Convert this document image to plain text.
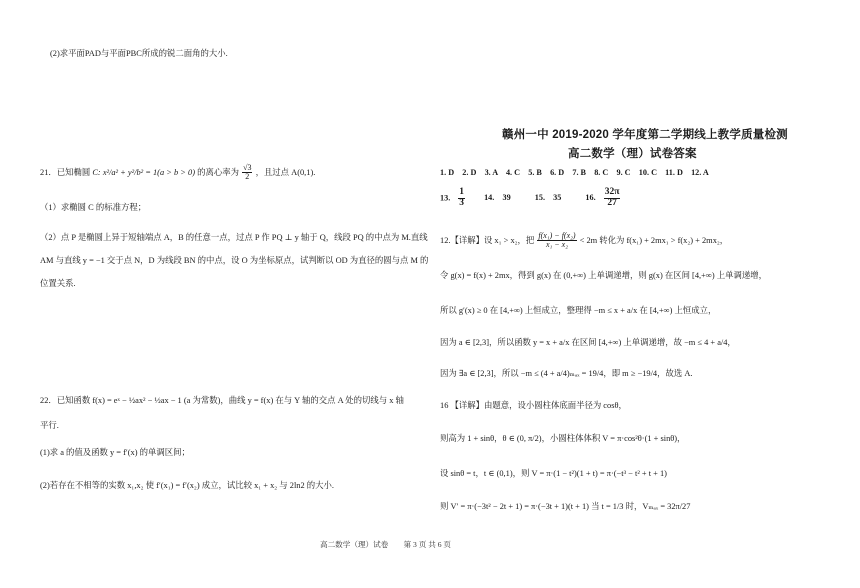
(2)求平面PAD与平面PBC所成的锐二面角的大小.
21．已知椭圆 C: x²/a² + y²/b² = 1(a > b > 0) 的离心率为 $\frac{√3}{2}$ ，且过点 A(0,1).
（1）求椭圆 C 的标准方程；
（2）点 P 是椭圆上异于短轴端点 A，B 的任意一点，过点 P 作 PQ ⊥ y 轴于 Q，线段 PQ 的中点为 M.直线
AM 与直线 y = −1 交于点 N，D 为线段 BN 的中点，设 O 为坐标原点，试判断以 OD 为直径的圆与点 M 的
位置关系.
22．已知函数 f(x) = eˣ − ½ax² − ½ax − 1 (a 为常数)，曲线 y = f(x) 在与 Y 轴的交点 A 处的切线与 x 轴
平行.
(1)求 a 的值及函数 y = f′(x) 的单调区间；
(2)若存在不相等的实数 x₁,x₂ 使 f′(x₁) = f′(x₂) 成立，试比较 x₁ + x₂ 与 2ln2 的大小.
赣州一中 2019-2020 学年度第二学期线上教学质量检测
高二数学（理）试卷答案
1. D　2. D　3. A　4. C　5. B　6. D　7. B　8. C　9. C　10. C　11. D　12. A
13. $\frac{1}{3} 14$.　39	15.　35	16. $\frac{32\pi}{27}$
12.【详解】设 x₁ > x₂，把 $\frac{\text{f(x₁) − f(x₂)}}{\text{x₁ − x₂}} < 2m$ 转化为 f(x₁) + 2mx₁ > f(x₂) + 2mx₂，
令 g(x) = f(x) + 2mx，得到 g(x) 在 (0,+∞) 上单调递增，则 g(x) 在区间 [4,+∞) 上单调递增，
所以 g′(x) ≥ 0 在 [4,+∞) 上恒成立，整理得 −m ≤ x + a/x 在 [4,+∞) 上恒成立，
因为 a ∈ [2,3]，所以函数 y = x + a/x 在区间 [4,+∞) 上单调递增，故 −m ≤ 4 + a/4，
因为 ∃a ∈ [2,3]，所以 −m ≤ (4 + a/4)ₘₐₓ = 19/4，即 m ≥ −19/4，故选 A.
16 【详解】由题意，设小圆柱体底面半径为 cosθ，
则高为 1 + sinθ，θ ∈ (0, π/2)，小圆柱体体积 V = π·cos²θ·(1 + sinθ)，
设 sinθ = t，t ∈ (0,1)，则 V = π·(1 − t²)(1 + t) = π·(−t³ − t² + t + 1)
则 V′ = π·(−3t² − 2t + 1) = π·(−3t + 1)(t + 1) 当 t = 1/3 时，Vₘₐₓ = 32π/27
高二数学（理）试卷　　第 3 页 共 6 页
